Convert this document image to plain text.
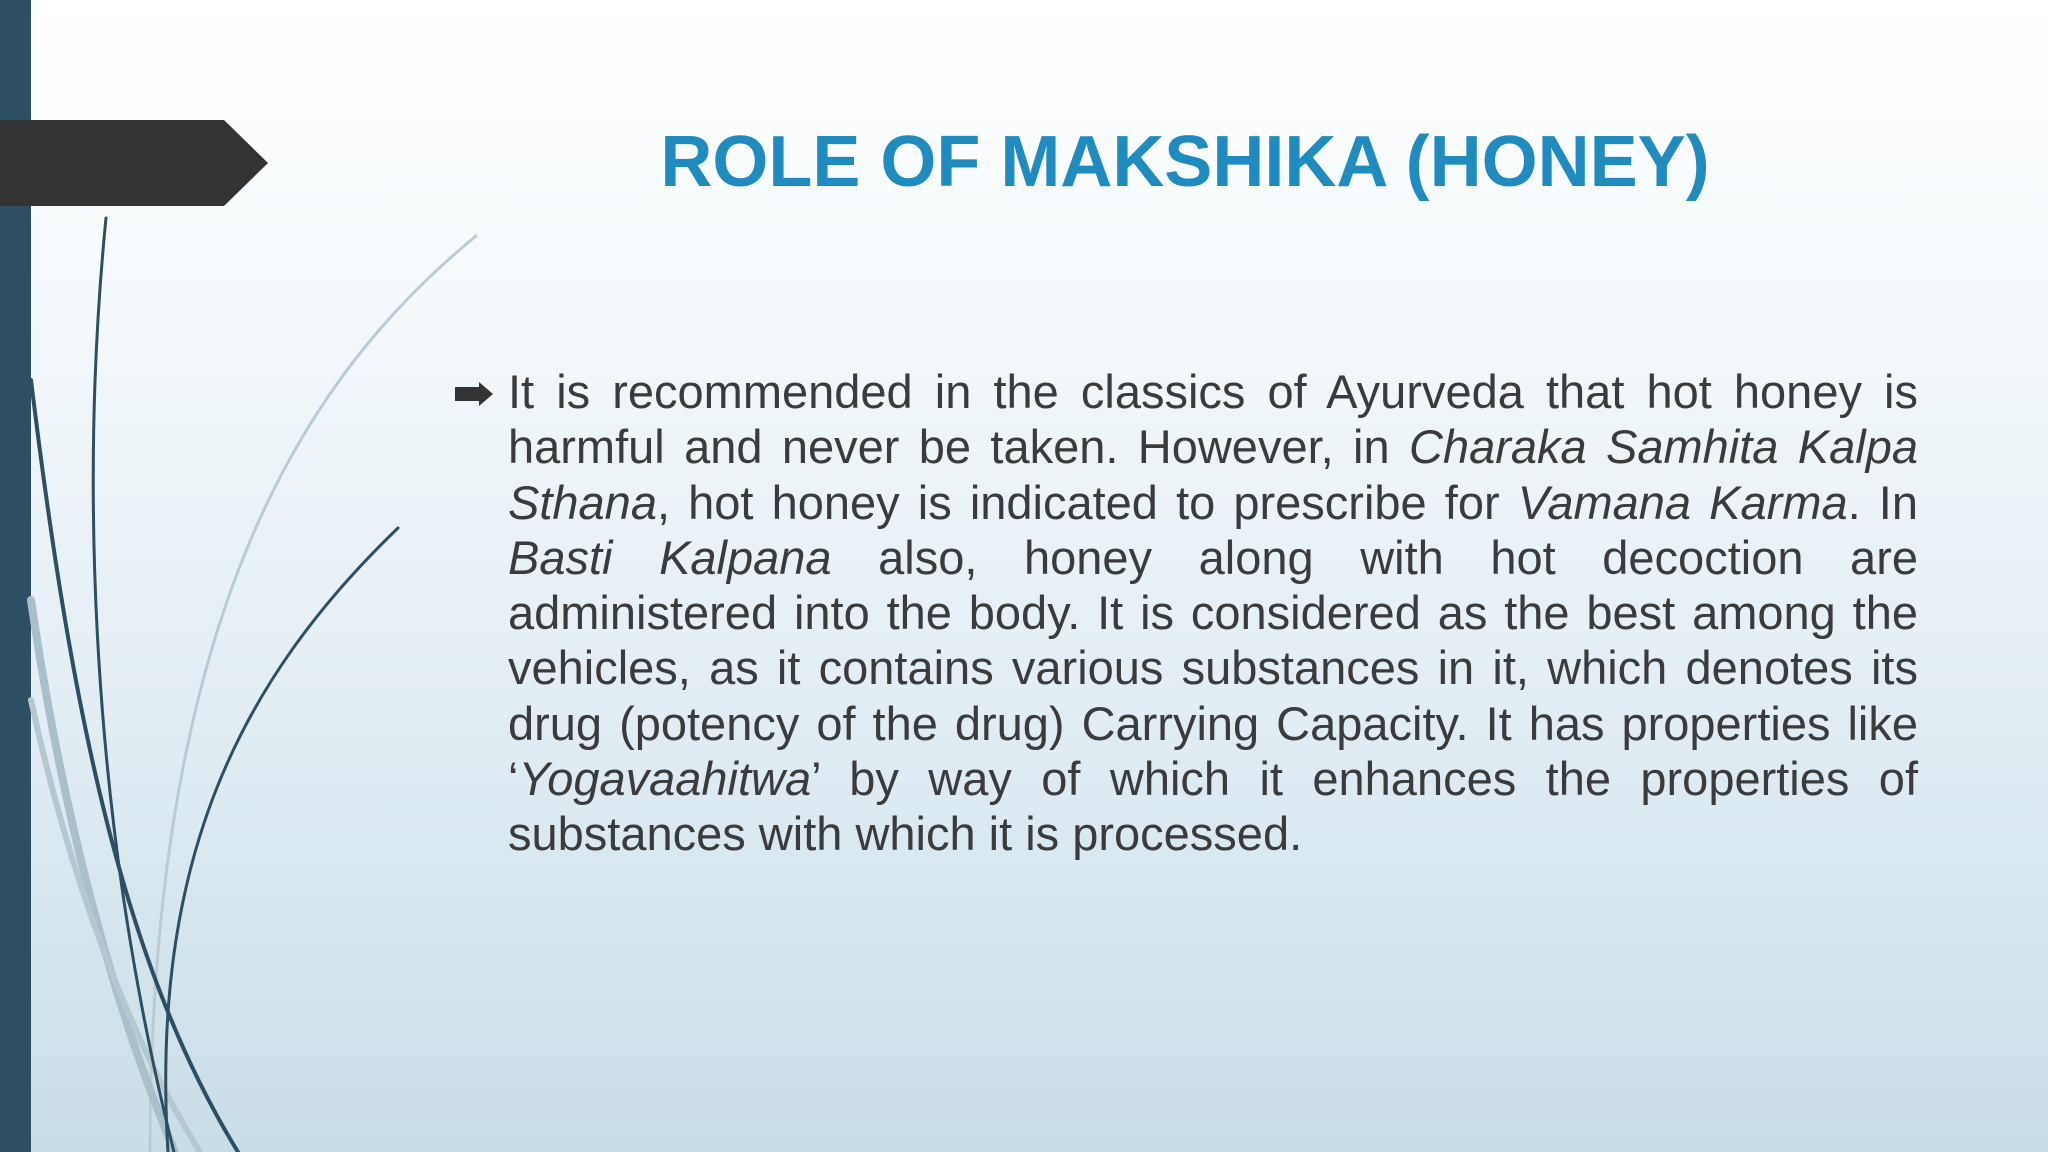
ROLE OF MAKSHIKA (HONEY)

It is recommended in the classics of Ayurveda that hot honey is harmful and never be taken. However, in Charaka Samhita Kalpa Sthana, hot honey is indicated to prescribe for Vamana Karma. In Basti Kalpana also, honey along with hot decoction are administered into the body. It is considered as the best among the vehicles, as it contains various substances in it, which denotes its drug (potency of the drug) Carrying Capacity. It has properties like ‘Yogavaahitwa’ by way of which it enhances the properties of substances with which it is processed.
